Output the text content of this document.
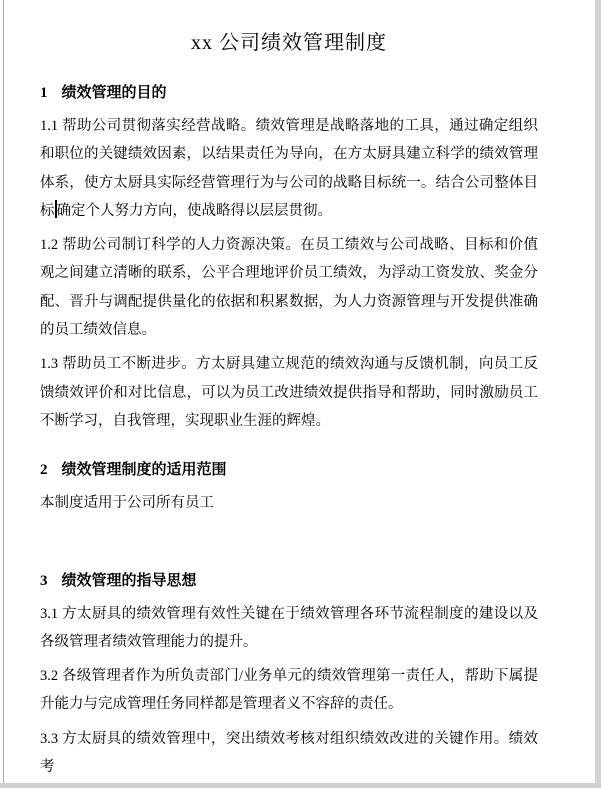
xx 公司绩效管理制度
1 绩效管理的目的

1.1 帮助公司贯彻落实经营战略。绩效管理是战略落地的工具，通过确定组织和职位的关键绩效因素，以结果责任为导向，在方太厨具建立科学的绩效管理体系，使方太厨具实际经营管理行为与公司的战略目标统一。结合公司整体目标 确定个人努力方向，使战略得以层层贯彻。

1.2 帮助公司制订科学的人力资源决策。在员工绩效与公司战略、目标和价值观之间建立清晰的联系，公平合理地评价员工绩效，为浮动工资发放、奖金分配、晋升与调配提供量化的依据和积累数据，为人力资源管理与开发提供准确的员工绩效信息。

1.3 帮助员工不断进步。方太厨具建立规范的绩效沟通与反馈机制，向员工反馈绩效评价和对比信息，可以为员工改进绩效提供指导和帮助，同时激励员工不断学习，自我管理，实现职业生涯的辉煌。

2 绩效管理制度的适用范围

本制度适用于公司所有员工

3 绩效管理的指导思想

3.1 方太厨具的绩效管理有效性关键在于绩效管理各环节流程制度的建设以及各级管理者绩效管理能力的提升。

3.2 各级管理者作为所负责部门/业务单元的绩效管理第一责任人，帮助下属提升能力与完成管理任务同样都是管理者义不容辞的责任。

3.3 方太厨具的绩效管理中，突出绩效考核对组织绩效改进的关键作用。绩效考
